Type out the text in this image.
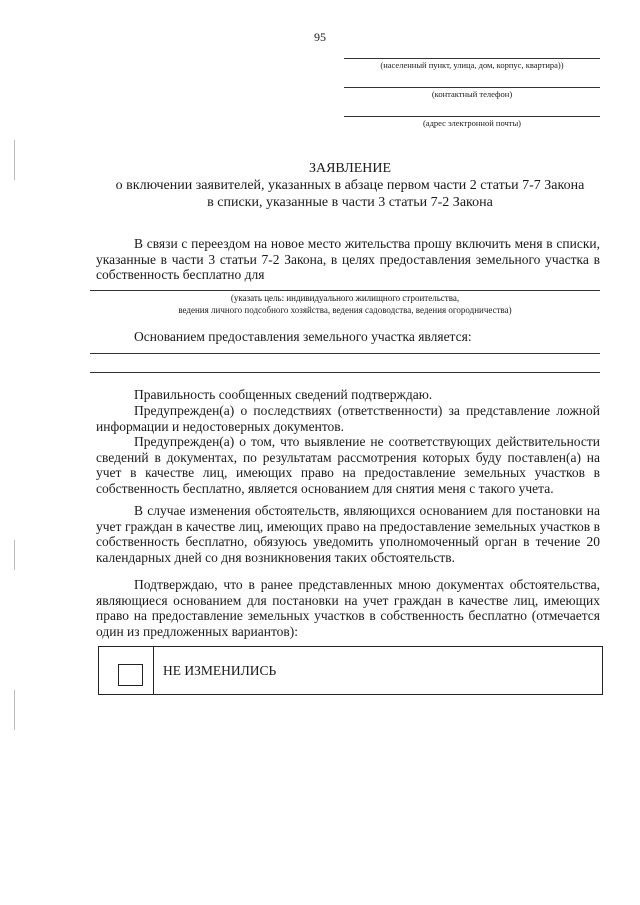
95
(населенный пункт, улица, дом, корпус, квартира))
(контактный телефон)
(адрес электронной почты)
ЗАЯВЛЕНИЕ
о включении заявителей, указанных в абзаце первом части 2 статьи 7-7 Закона
в списки, указанные в части 3 статьи 7-2 Закона

В связи с переездом на новое место жительства прошу включить меня в списки, указанные в части 3 статьи 7-2 Закона, в целях предоставления земельного участка в собственность бесплатно для

(указать цель: индивидуального жилищного строительства,
ведения личного подсобного хозяйства, ведения садоводства, ведения огородничества)

Основанием предоставления земельного участка является:

Правильность сообщенных сведений подтверждаю.

Предупрежден(а) о последствиях (ответственности) за представление ложной информации и недостоверных документов.

Предупрежден(а) о том, что выявление не соответствующих действительности сведений в документах, по результатам рассмотрения которых буду поставлен(а) на учет в качестве лиц, имеющих право на предоставление земельных участков в собственность бесплатно, является основанием для снятия меня с такого учета.

В случае изменения обстоятельств, являющихся основанием для постановки на учет граждан в качестве лиц, имеющих право на предоставление земельных участков в собственность бесплатно, обязуюсь уведомить уполномоченный орган в течение 20 календарных дней со дня возникновения таких обстоятельств.

Подтверждаю, что в ранее представленных мною документах обстоятельства, являющиеся основанием для постановки на учет граждан в качестве лиц, имеющих право на предоставление земельных участков в собственность бесплатно (отмечается один из предложенных вариантов):

НЕ ИЗМЕНИЛИСЬ
